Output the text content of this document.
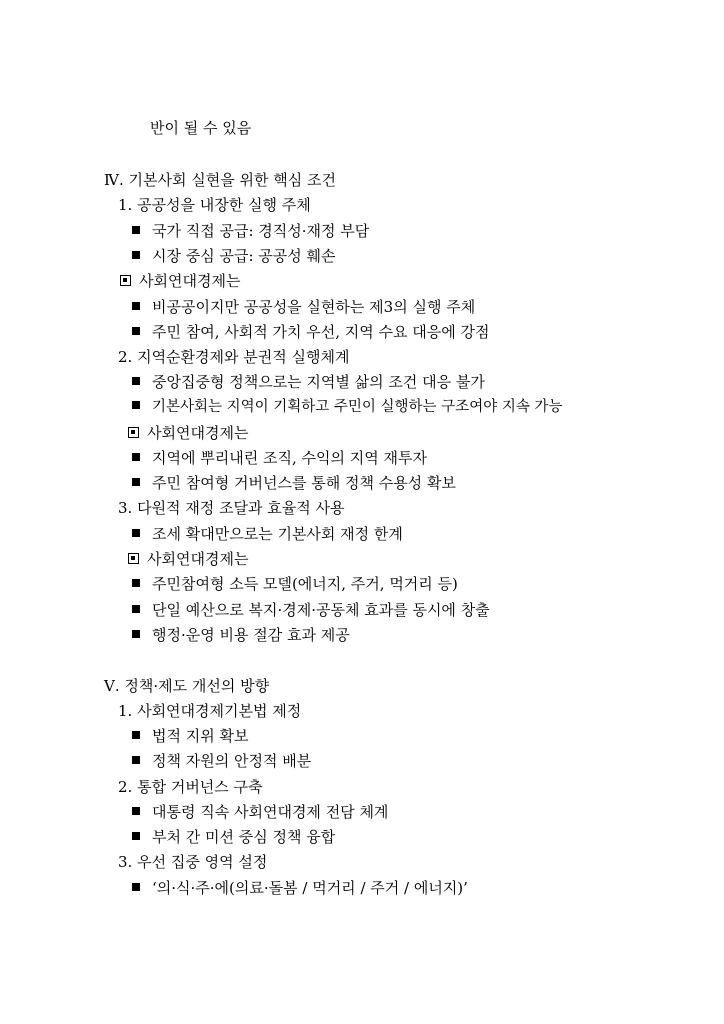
반이 될 수 있음
Ⅳ. 기본사회 실현을 위한 핵심 조건
1. 공공성을 내장한 실행 주체
국가 직접 공급: 경직성·재정 부담
시장 중심 공급: 공공성 훼손
사회연대경제는
비공공이지만 공공성을 실현하는 제3의 실행 주체
주민 참여, 사회적 가치 우선, 지역 수요 대응에 강점
2. 지역순환경제와 분권적 실행체계
중앙집중형 정책으로는 지역별 삶의 조건 대응 불가
기본사회는 지역이 기획하고 주민이 실행하는 구조여야 지속 가능
사회연대경제는
지역에 뿌리내린 조직, 수익의 지역 재투자
주민 참여형 거버넌스를 통해 정책 수용성 확보
3. 다원적 재정 조달과 효율적 사용
조세 확대만으로는 기본사회 재정 한계
사회연대경제는
주민참여형 소득 모델(에너지, 주거, 먹거리 등)
단일 예산으로 복지·경제·공동체 효과를 동시에 창출
행정·운영 비용 절감 효과 제공
Ⅴ. 정책·제도 개선의 방향
1. 사회연대경제기본법 제정
법적 지위 확보
정책 자원의 안정적 배분
2. 통합 거버넌스 구축
대통령 직속 사회연대경제 전담 체계
부처 간 미션 중심 정책 융합
3. 우선 집중 영역 설정
‘의·식·주·에(의료·돌봄 / 먹거리 / 주거 / 에너지)’
